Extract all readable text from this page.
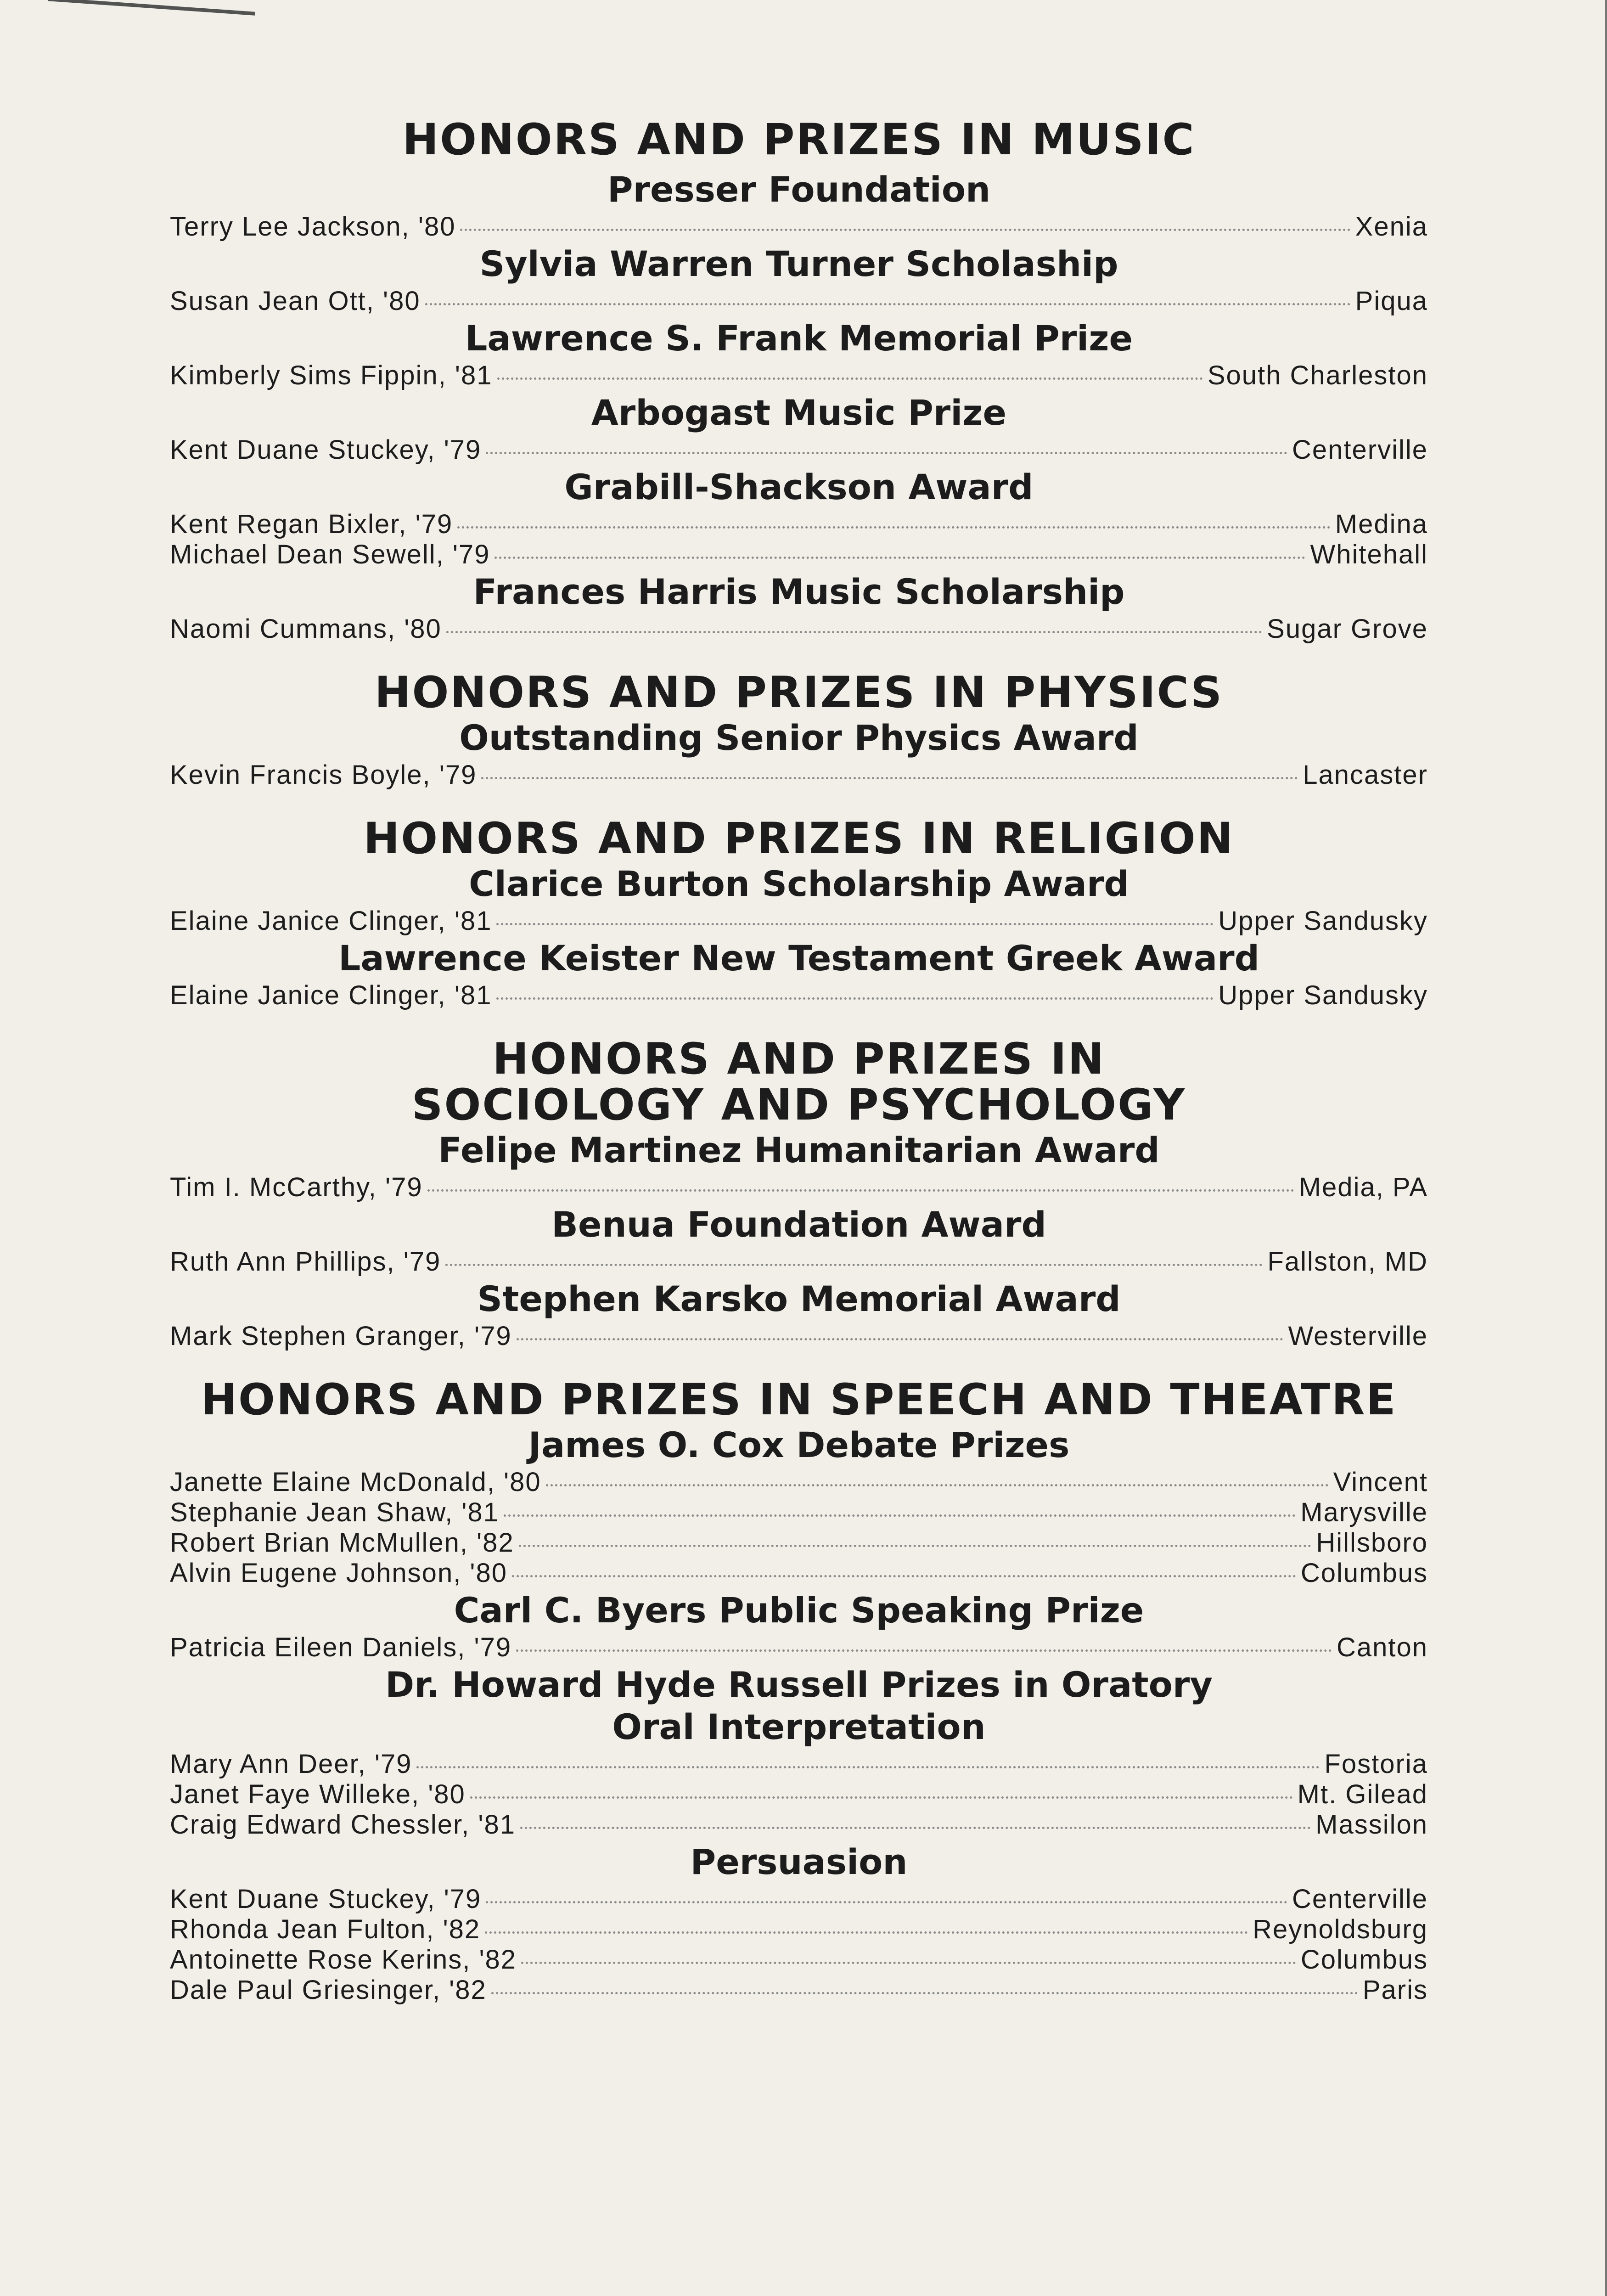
HONORS AND PRIZES IN MUSIC
Presser Foundation
Terry Lee Jackson, '80	Xenia
Sylvia Warren Turner Scholaship
Susan Jean Ott, '80	Piqua
Lawrence S. Frank Memorial Prize
Kimberly Sims Fippin, '81	South Charleston
Arbogast Music Prize
Kent Duane Stuckey, '79	Centerville
Grabill-Shackson Award
Kent Regan Bixler, '79	Medina
Michael Dean Sewell, '79	Whitehall
Frances Harris Music Scholarship
Naomi Cummans, '80	Sugar Grove
HONORS AND PRIZES IN PHYSICS
Outstanding Senior Physics Award
Kevin Francis Boyle, '79	Lancaster
HONORS AND PRIZES IN RELIGION
Clarice Burton Scholarship Award
Elaine Janice Clinger, '81	Upper Sandusky
Lawrence Keister New Testament Greek Award
Elaine Janice Clinger, '81	Upper Sandusky
HONORS AND PRIZES IN
SOCIOLOGY AND PSYCHOLOGY
Felipe Martinez Humanitarian Award
Tim I. McCarthy, '79	Media, PA
Benua Foundation Award
Ruth Ann Phillips, '79	Fallston, MD
Stephen Karsko Memorial Award
Mark Stephen Granger, '79	Westerville
HONORS AND PRIZES IN SPEECH AND THEATRE
James O. Cox Debate Prizes
Janette Elaine McDonald, '80	Vincent
Stephanie Jean Shaw, '81	Marysville
Robert Brian McMullen, '82	Hillsboro
Alvin Eugene Johnson, '80	Columbus
Carl C. Byers Public Speaking Prize
Patricia Eileen Daniels, '79	Canton
Dr. Howard Hyde Russell Prizes in Oratory
Oral Interpretation
Mary Ann Deer, '79	Fostoria
Janet Faye Willeke, '80	Mt. Gilead
Craig Edward Chessler, '81	Massilon
Persuasion
Kent Duane Stuckey, '79	Centerville
Rhonda Jean Fulton, '82	Reynoldsburg
Antoinette Rose Kerins, '82	Columbus
Dale Paul Griesinger, '82	Paris
